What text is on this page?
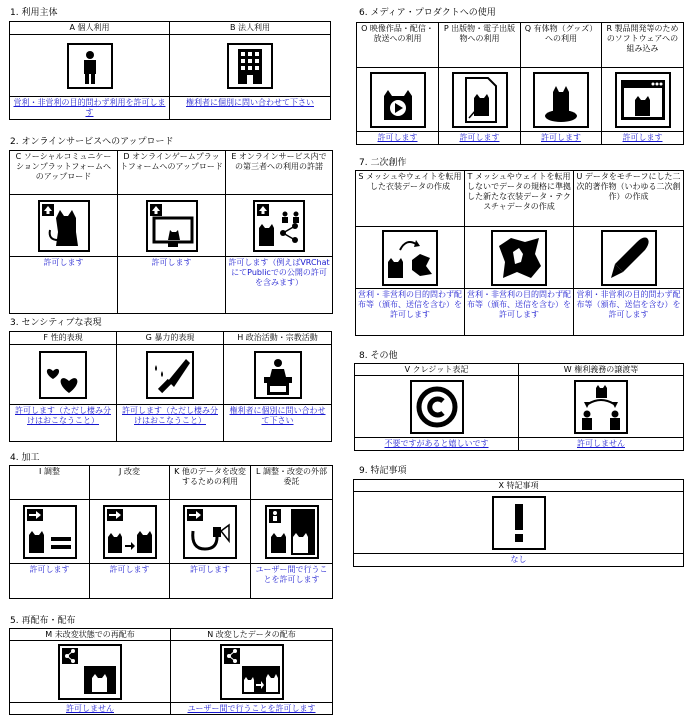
1. 利用主体
A 個人利用
営利・非営利の目的問わず利用を許可します
B 法人利用
権利者に個別に問い合わせて下さい
2. オンラインサービスへのアップロード
C ソーシャルコミュニケーションプラットフォームへのアップロード
許可します
D オンラインゲームプラットフォームへのアップロード
許可します
E オンラインサービス内での第三者への利用の許諾
許可します（例えばVRChatにてPublicでの公開の許可を含みます）
3. センシティブな表現
F 性的表現
許可します（ただし棲み分けはおこなうこと）
G 暴力的表現
許可します（ただし棲み分けはおこなうこと）
H 政治活動・宗教活動
権利者に個別に問い合わせて下さい
4. 加工
I 調整
許可します
J 改変
許可します
K 他のデータを改変するための利用
許可します
L 調整・改変の外部委託
ユーザー間で行うことを許可します
5. 再配布・配布
M 未改変状態での再配布
許可しません
N 改変したデータの配布
ユーザー間で行うことを許可します
6. メディア・プロダクトへの使用
O 映像作品・配信・放送への利用
許可します
P 出版物・電子出版物への利用
許可します
Q 有体物（グッズ）への利用
許可します
R 製品開発等のためのソフトウェアへの組み込み
許可します
7. 二次創作
S メッシュやウェイトを転用した衣装データの作成
営利・非営利の目的問わず配布等（頒布、送信を含む）を許可します
T メッシュやウェイトを転用しないでデータの規格に準拠した新たな衣装データ・テクスチャデータの作成
営利・非営利の目的問わず配布等（頒布、送信を含む）を許可します
U データをモチーフにした二次的著作物（いわゆる二次創作）の作成
営利・非営利の目的問わず配布等（頒布、送信を含む）を許可します
8. その他
V クレジット表記
不要ですがあると嬉しいです
W 権利義務の譲渡等
許可しません
9. 特記事項
X 特記事項
なし
